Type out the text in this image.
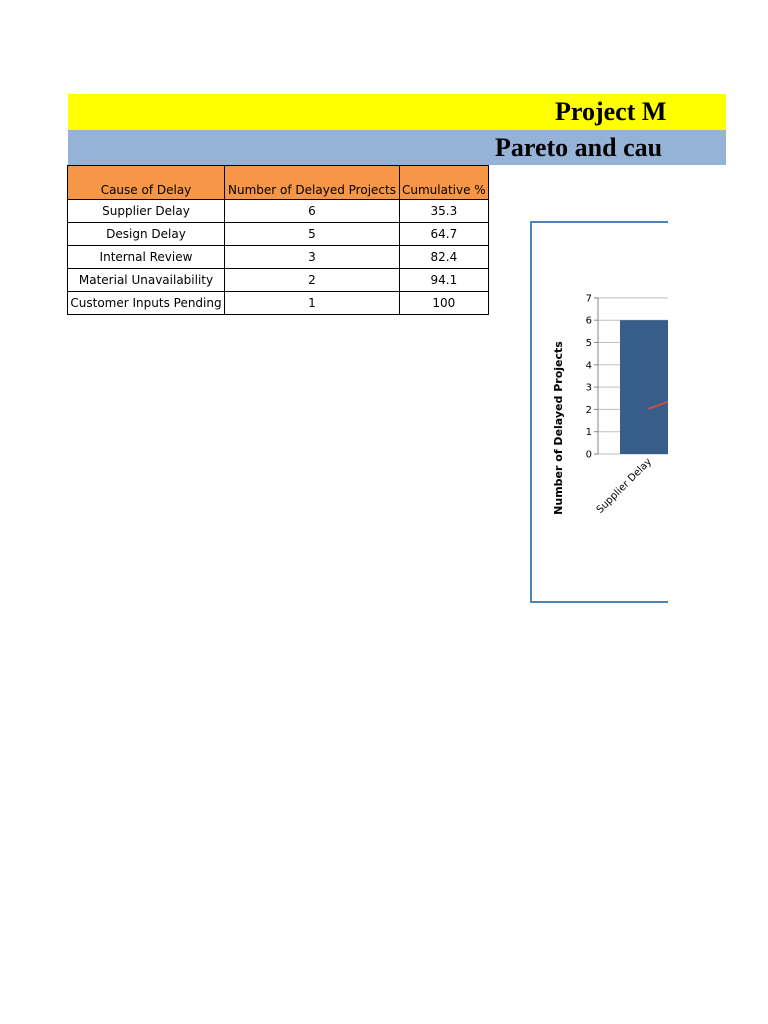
Project M
Pareto and cau
Cause of Delay	Number of Delayed Projects	Cumulative %
Supplier Delay	6	35.3
Design Delay	5	64.7
Internal Review	3	82.4
Material Unavailability	2	94.1
Customer Inputs Pending	1	100
0
1
2
3
4
5
6
7
Supplier Delay
Number of Delayed Projects
